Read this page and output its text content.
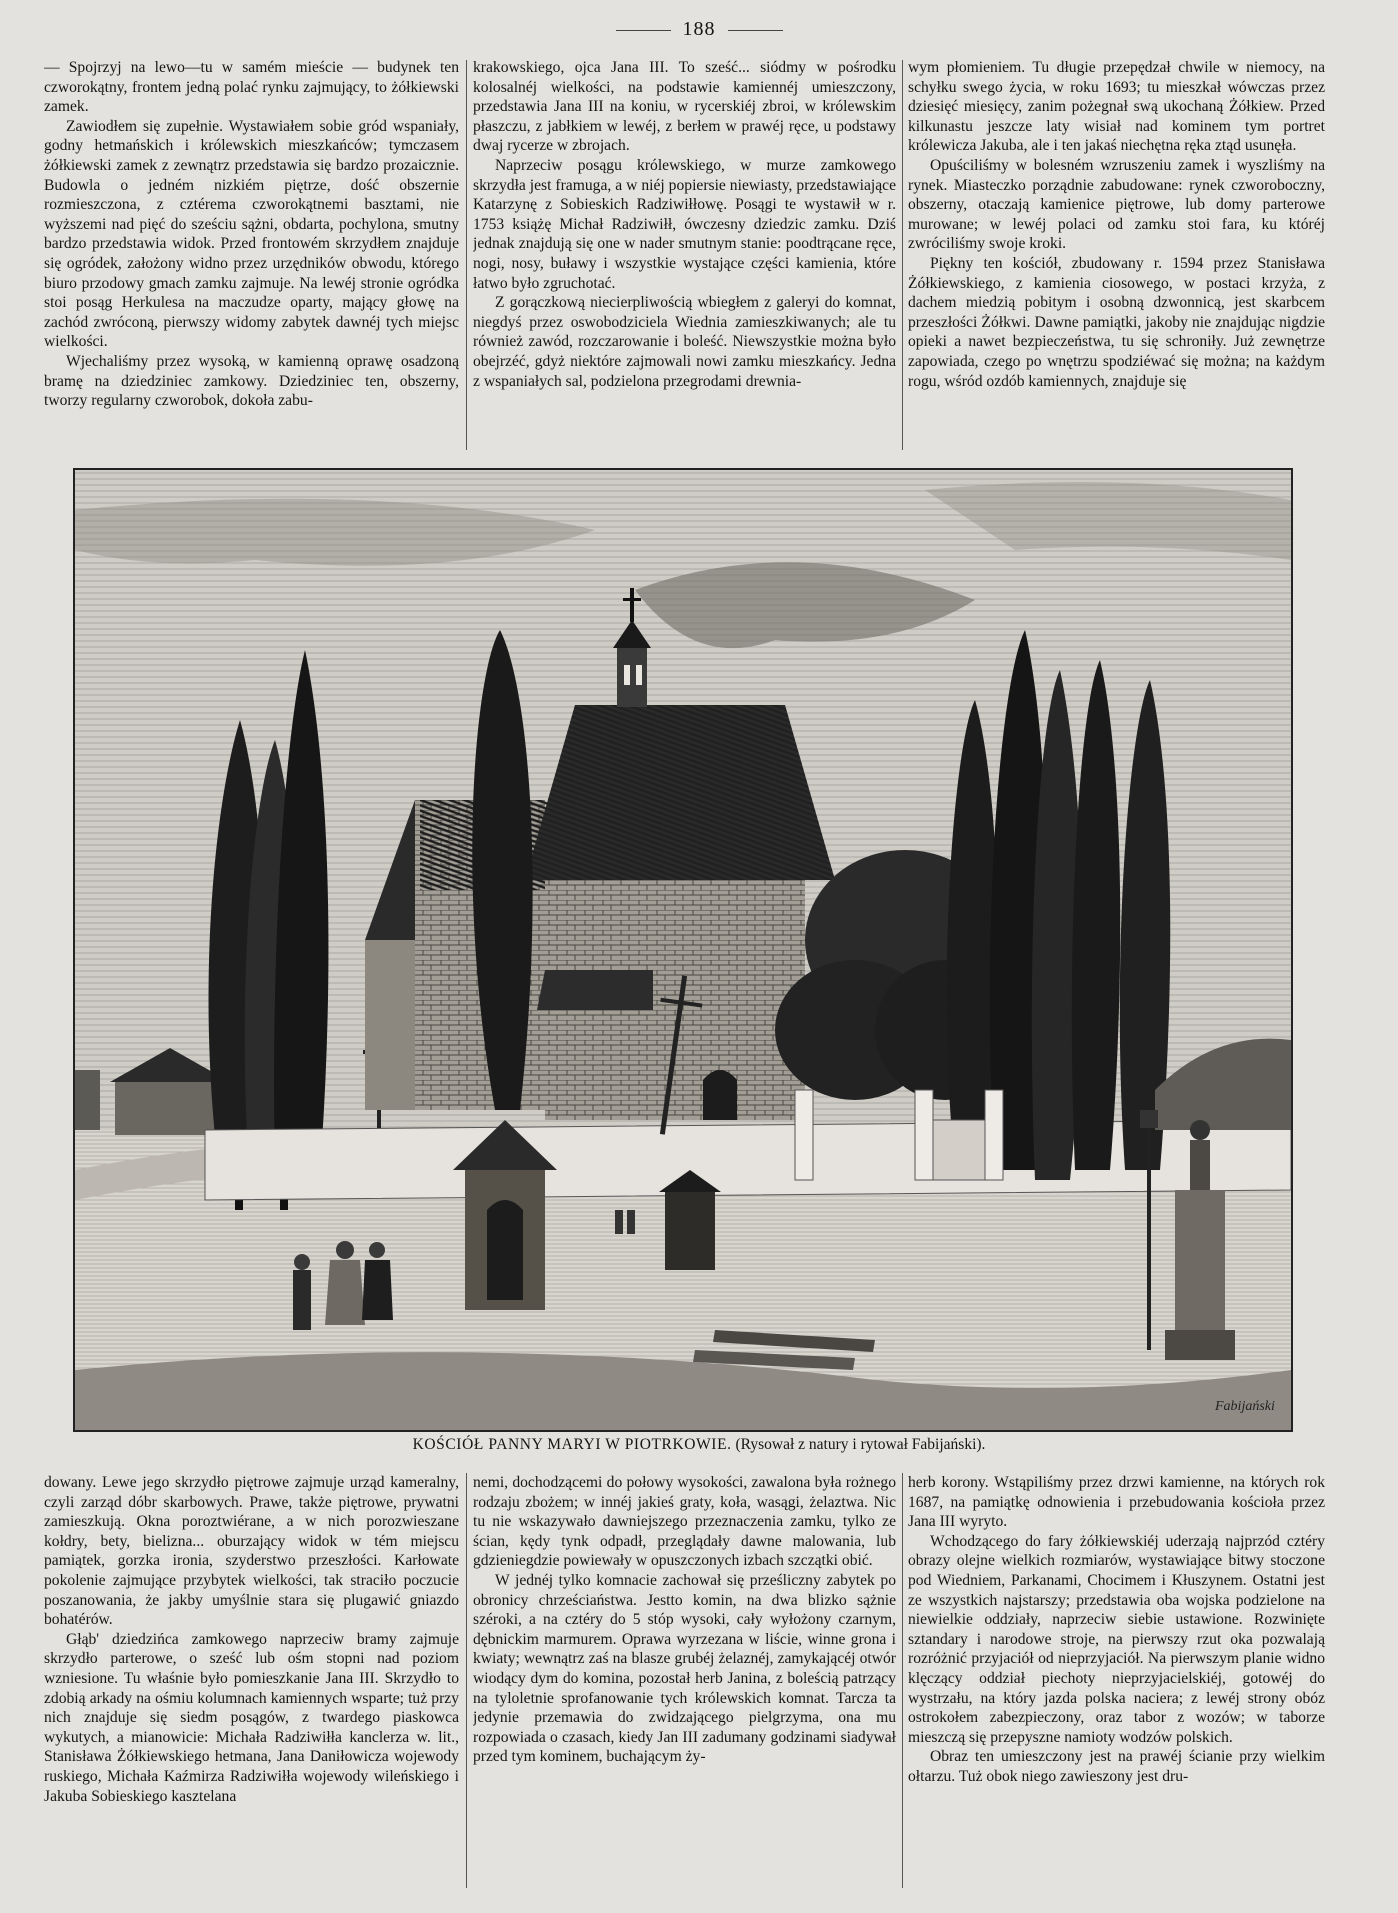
188

— Spojrzyj na lewo—tu w samém mieście — budynek ten czworokątny, frontem jedną polać rynku zajmujący, to żółkiewski zamek.

Zawiodłem się zupełnie. Wystawiałem sobie gród wspaniały, godny hetmańskich i królewskich mieszkańców; tymczasem żółkiewski zamek z zewnątrz przedstawia się bardzo prozaicznie. Budowla o jedném nizkiém piętrze, dość obszernie rozmieszczona, z cztérema czworokątnemi basztami, nie wyższemi nad pięć do sześciu sążni, obdarta, pochylona, smutny bardzo przedstawia widok. Przed frontowém skrzydłem znajduje się ogródek, założony widno przez urzędników obwodu, którego biuro przodowy gmach zamku zajmuje. Na lewéj stronie ogródka stoi posąg Herkulesa na maczudze oparty, mający głowę na zachód zwróconą, pierwszy widomy zabytek dawnéj tych miejsc wielkości.

Wjechaliśmy przez wysoką, w kamienną oprawę osadzoną bramę na dziedziniec zamkowy. Dziedziniec ten, obszerny, tworzy regularny czworobok, dokoła zabu-

krakowskiego, ojca Jana III. To sześć... siódmy w pośrodku kolosalnéj wielkości, na podstawie kamiennéj umieszczony, przedstawia Jana III na koniu, w rycerskiéj zbroi, w królewskim płaszczu, z jabłkiem w lewéj, z berłem w prawéj ręce, u podstawy dwaj rycerze w zbrojach.

Naprzeciw posągu królewskiego, w murze zamkowego skrzydła jest framuga, a w niéj popiersie niewiasty, przedstawiające Katarzynę z Sobieskich Radziwiłłowę. Posągi te wystawił w r. 1753 książę Michał Radziwiłł, ówczesny dziedzic zamku. Dziś jednak znajdują się one w nader smutnym stanie: poodtrącane ręce, nogi, nosy, buławy i wszystkie wystające części kamienia, które łatwo było zgruchotać.

Z gorączkową niecierpliwością wbiegłem z galeryi do komnat, niegdyś przez oswobodziciela Wiednia zamieszkiwanych; ale tu również zawód, rozczarowanie i boleść. Niewszystkie można było obejrzéć, gdyż niektóre zajmowali nowi zamku mieszkańcy. Jedna z wspaniałych sal, podzielona przegrodami drewnia-

wym płomieniem. Tu długie przepędzał chwile w niemocy, na schyłku swego życia, w roku 1693; tu mieszkał wówczas przez dziesięć miesięcy, zanim pożegnał swą ukochaną Żółkiew. Przed kilkunastu jeszcze laty wisiał nad kominem tym portret królewicza Jakuba, ale i ten jakaś niechętna ręka ztąd usunęła.

Opuściliśmy w bolesném wzruszeniu zamek i wyszliśmy na rynek. Miasteczko porządnie zabudowane: rynek czworoboczny, obszerny, otaczają kamienice piętrowe, lub domy parterowe murowane; w lewéj polaci od zamku stoi fara, ku któréj zwróciliśmy swoje kroki.

Piękny ten kościół, zbudowany r. 1594 przez Stanisława Żółkiewskiego, z kamienia ciosowego, w postaci krzyża, z dachem miedzią pobitym i osobną dzwonnicą, jest skarbcem przeszłości Żółkwi. Dawne pamiątki, jakoby nie znajdując nigdzie opieki a nawet bezpieczeństwa, tu się schroniły. Już zewnętrze zapowiada, czego po wnętrzu spodziéwać się można; na każdym rogu, wśród ozdób kamiennych, znajduje się

Fabijański
KOŚCIÓŁ PANNY MARYI W PIOTRKOWIE. (Rysował z natury i rytował Fabijański).

dowany. Lewe jego skrzydło piętrowe zajmuje urząd kameralny, czyli zarząd dóbr skarbowych. Prawe, także piętrowe, prywatni zamieszkują. Okna poroztwiérane, a w nich porozwieszane kołdry, bety, bielizna... oburzający widok w tém miejscu pamiątek, gorzka ironia, szyderstwo przeszłości. Karłowate pokolenie zajmujące przybytek wielkości, tak straciło poczucie poszanowania, że jakby umyślnie stara się plugawić gniazdo bohatérów.

Głąb' dziedzińca zamkowego naprzeciw bramy zajmuje skrzydło parterowe, o sześć lub ośm stopni nad poziom wzniesione. Tu właśnie było pomieszkanie Jana III. Skrzydło to zdobią arkady na ośmiu kolumnach kamiennych wsparte; tuż przy nich znajduje się siedm posągów, z twardego piaskowca wykutych, a mianowicie: Michała Radziwiłła kanclerza w. lit., Stanisława Żółkiewskiego hetmana, Jana Daniłowicza wojewody ruskiego, Michała Kaźmirza Radziwiłła wojewody wileńskiego i Jakuba Sobieskiego kasztelana

nemi, dochodzącemi do połowy wysokości, zawalona była rożnego rodzaju zbożem; w innéj jakieś graty, koła, wasągi, żelaztwa. Nic tu nie wskazywało dawniejszego przeznaczenia zamku, tylko ze ścian, kędy tynk odpadł, przeglądały dawne malowania, lub gdzieniegdzie powiewały w opuszczonych izbach szczątki obić.

W jednéj tylko komnacie zachował się prześliczny zabytek po obronicy chrześciaństwa. Jestto komin, na dwa blizko sążnie széroki, a na cztéry do 5 stóp wysoki, cały wyłożony czarnym, dębnickim marmurem. Oprawa wyrzezana w liście, winne grona i kwiaty; wewnątrz zaś na blasze grubéj żelaznéj, zamykającéj otwór wiodący dym do komina, pozostał herb Janina, z boleścią patrzący na tyloletnie sprofanowanie tych królewskich komnat. Tarcza ta jedynie przemawia do zwidzającego pielgrzyma, ona mu rozpowiada o czasach, kiedy Jan III zadumany godzinami siadywał przed tym kominem, buchającym ży-

herb korony. Wstąpiliśmy przez drzwi kamienne, na których rok 1687, na pamiątkę odnowienia i przebudowania kościoła przez Jana III wyryto.

Wchodzącego do fary żółkiewskiéj uderzają najprzód cztéry obrazy olejne wielkich rozmiarów, wystawiające bitwy stoczone pod Wiedniem, Parkanami, Chocimem i Kłuszynem. Ostatni jest ze wszystkich najstarszy; przedstawia oba wojska podzielone na niewielkie oddziały, naprzeciw siebie ustawione. Rozwinięte sztandary i narodowe stroje, na pierwszy rzut oka pozwalają rozróżnić przyjaciół od nieprzyjaciół. Na pierwszym planie widno klęczący oddział piechoty nieprzyjacielskiéj, gotowéj do wystrzału, na który jazda polska naciera; z lewéj strony obóz ostrokołem zabezpieczony, oraz tabor z wozów; w taborze mieszczą się przepyszne namioty wodzów polskich.

Obraz ten umieszczony jest na prawéj ścianie przy wielkim ołtarzu. Tuż obok niego zawieszony jest dru-
